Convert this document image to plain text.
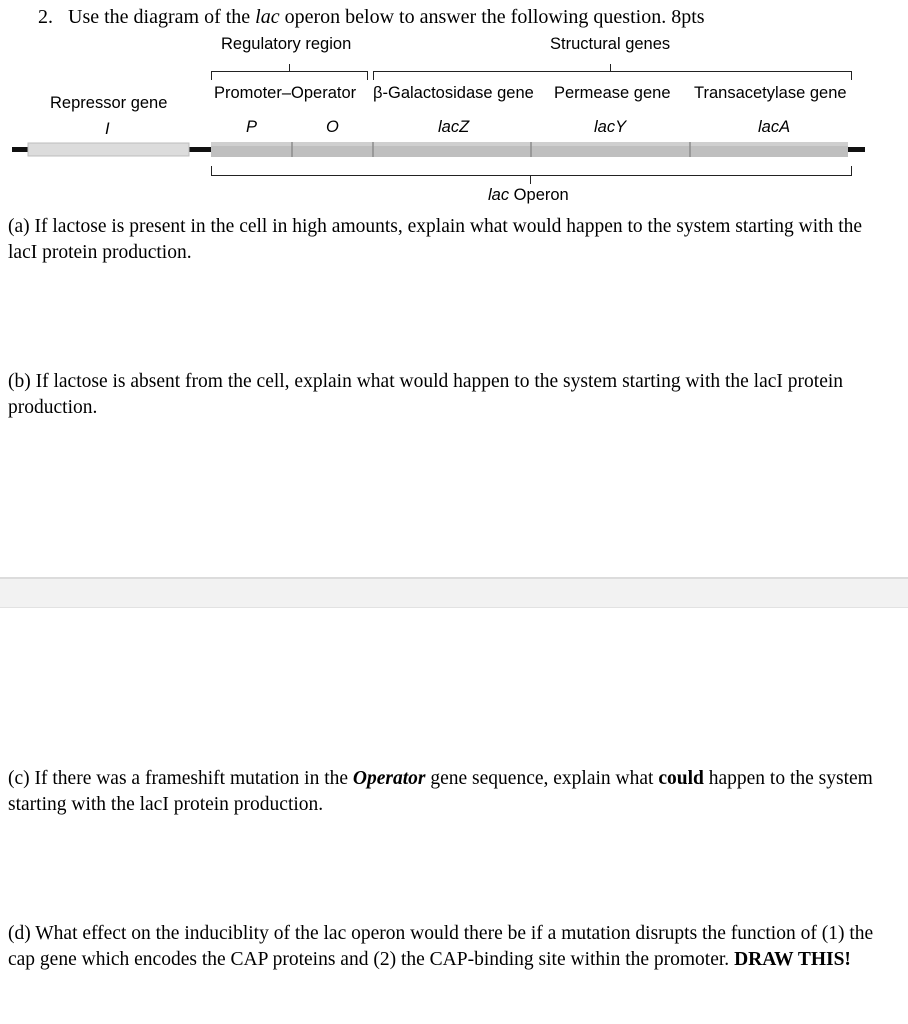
2. Use the diagram of the lac operon below to answer the following question. 8pts
Regulatory region	Structural genes
Repressor gene
I
Promoter–Operator β-Galactosidase gene Permease gene Transacetylase gene
P	O	lacZ	lacY	lacA
lac Operon
(a) If lactose is present in the cell in high amounts, explain what would happen to the system starting with the lacI protein production.
(b) If lactose is absent from the cell, explain what would happen to the system starting with the lacI protein production.
(c) If there was a frameshift mutation in the Operator gene sequence, explain what could happen to the system starting with the lacI protein production.
(d) What effect on the induciblity of the lac operon would there be if a mutation disrupts the function of (1) the cap gene which encodes the CAP proteins and (2) the CAP-binding site within the promoter. DRAW THIS!
